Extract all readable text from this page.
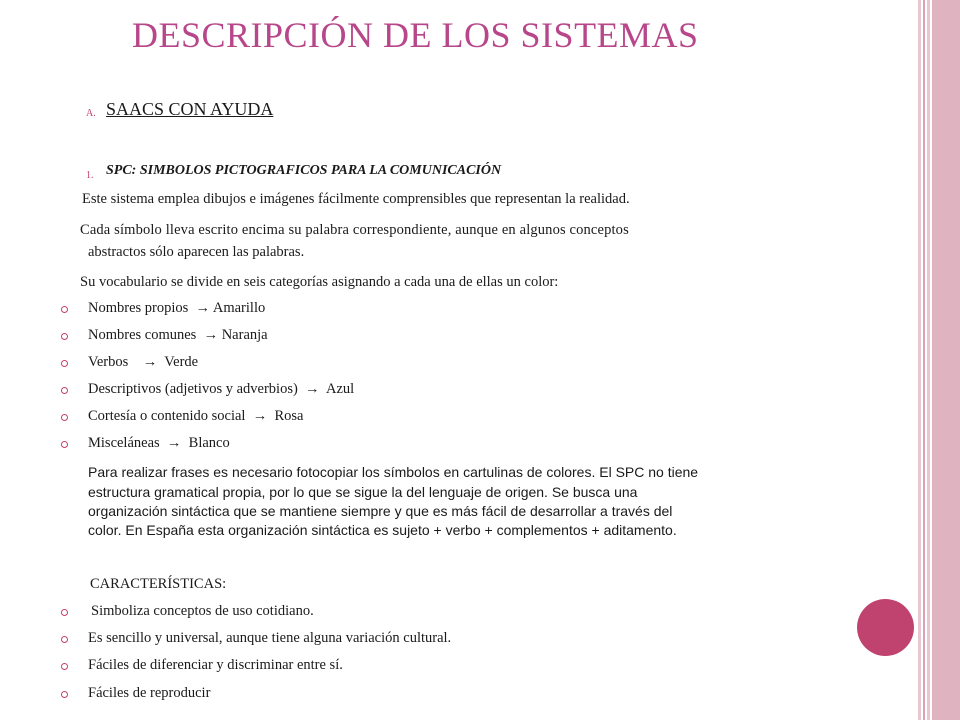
DESCRIPCIÓN DE LOS SISTEMAS
A. SAACS CON AYUDA
1. SPC: SIMBOLOS PICTOGRAFICOS PARA LA COMUNICACIÓN
Este sistema emplea dibujos e imágenes fácilmente comprensibles que representan la realidad.
Cada símbolo lleva escrito encima su palabra correspondiente, aunque en algunos conceptos
abstractos sólo aparecen las palabras.
Su vocabulario se divide en seis categorías asignando a cada una de ellas un color:
Nombres propios → Amarillo
Nombres comunes → Naranja
Verbos → Verde
Descriptivos (adjetivos y adverbios) → Azul
Cortesía o contenido social → Rosa
Misceláneas → Blanco
Para realizar frases es necesario fotocopiar los símbolos en cartulinas de colores. El SPC no tiene
estructura gramatical propia, por lo que se sigue la del lenguaje de origen. Se busca una
organización sintáctica que se mantiene siempre y que es más fácil de desarrollar a través del
color. En España esta organización sintáctica es sujeto + verbo + complementos + aditamento.
CARACTERÍSTICAS:
Simboliza conceptos de uso cotidiano.
Es sencillo y universal, aunque tiene alguna variación cultural.
Fáciles de diferenciar y discriminar entre sí.
Fáciles de reproducir
